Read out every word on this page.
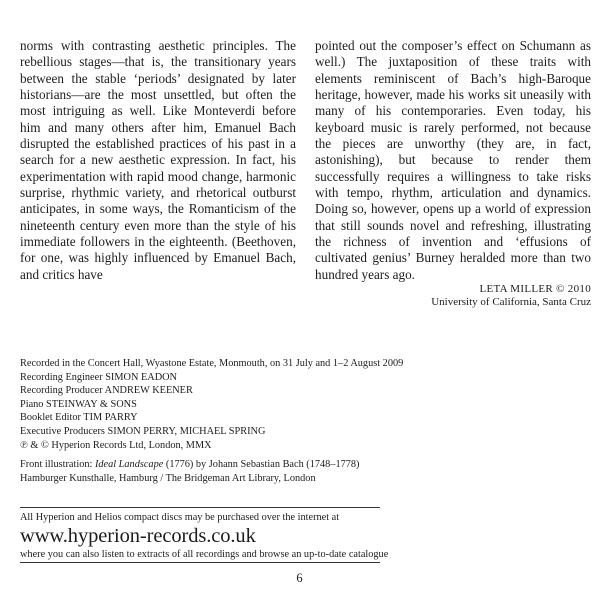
norms with contrasting aesthetic principles. The rebellious stages—that is, the transitionary years between the stable ‘periods’ designated by later historians—are the most unsettled, but often the most intriguing as well. Like Monteverdi before him and many others after him, Emanuel Bach disrupted the established practices of his past in a search for a new aesthetic expression. In fact, his experimentation with rapid mood change, harmonic surprise, rhythmic variety, and rhetorical outburst anticipates, in some ways, the Romanticism of the nineteenth century even more than the style of his immediate followers in the eighteenth. (Beethoven, for one, was highly influenced by Emanuel Bach, and critics have

pointed out the composer’s effect on Schumann as well.) The juxtaposition of these traits with elements reminiscent of Bach’s high-Baroque heritage, however, made his works sit uneasily with many of his contemporaries. Even today, his keyboard music is rarely performed, not because the pieces are unworthy (they are, in fact, astonishing), but because to render them successfully requires a willingness to take risks with tempo, rhythm, articulation and dynamics. Doing so, however, opens up a world of expression that still sounds novel and refreshing, illustrating the richness of invention and ‘effusions of cultivated genius’ Burney heralded more than two hundred years ago.

LETA MILLER © 2010
University of California, Santa Cruz
Recorded in the Concert Hall, Wyastone Estate, Monmouth, on 31 July and 1–2 August 2009
Recording Engineer SIMON EADON
Recording Producer ANDREW KEENER
Piano STEINWAY & SONS
Booklet Editor TIM PARRY
Executive Producers SIMON PERRY, MICHAEL SPRING
℗ & © Hyperion Records Ltd, London, MMX
Front illustration: Ideal Landscape (1776) by Johann Sebastian Bach (1748–1778)
Hamburger Kunsthalle, Hamburg / The Bridgeman Art Library, London
All Hyperion and Helios compact discs may be purchased over the internet at
www.hyperion-records.co.uk
where you can also listen to extracts of all recordings and browse an up-to-date catalogue
6
